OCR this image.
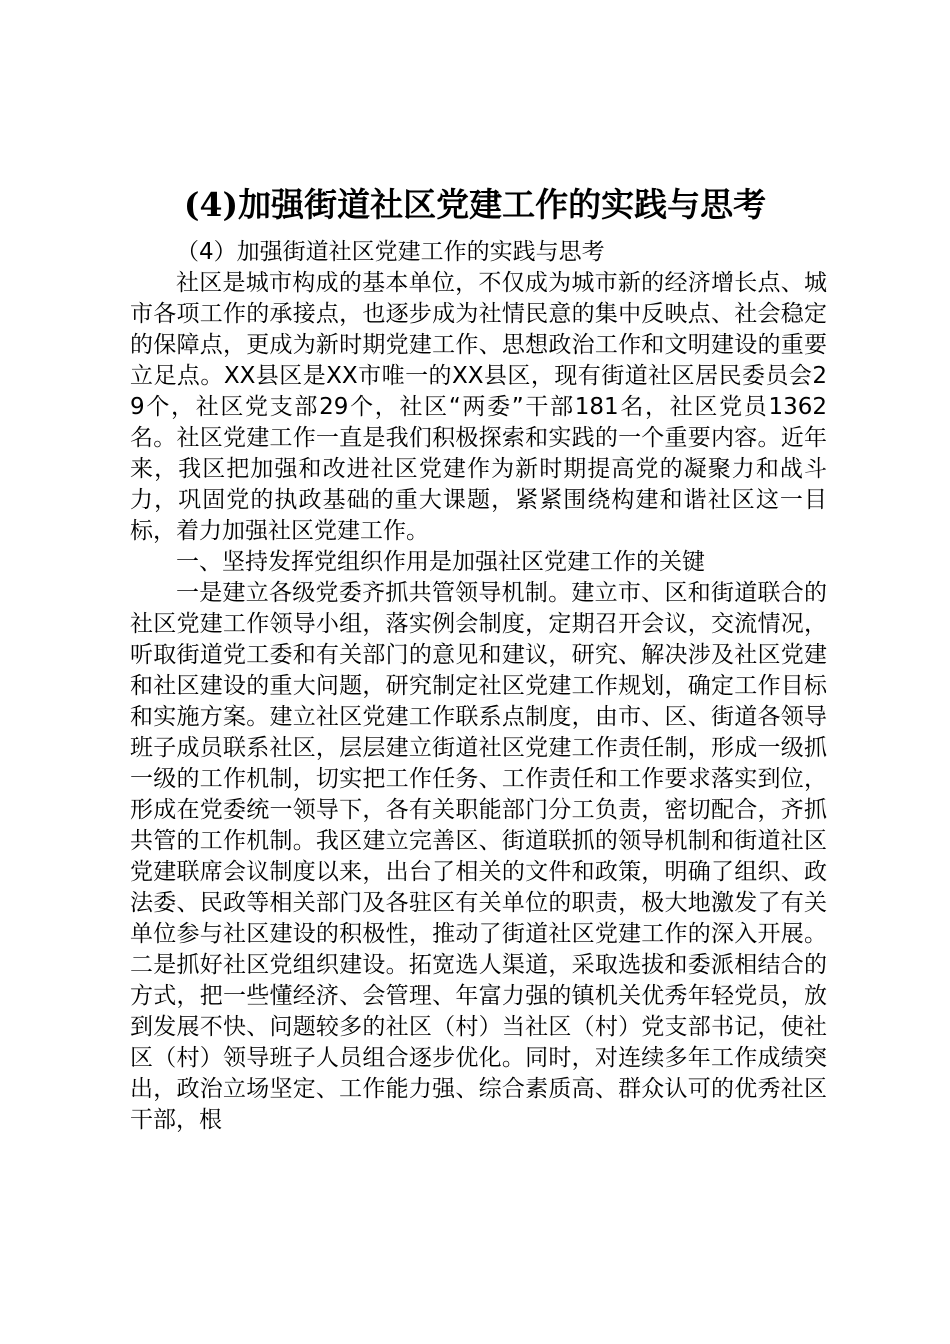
(4)加强街道社区党建工作的实践与思考

（4）加强街道社区党建工作的实践与思考

社区是城市构成的基本单位，不仅成为城市新的经济增长点、城市各项工作的承接点，也逐步成为社情民意的集中反映点、社会稳定的保障点，更成为新时期党建工作、思想政治工作和文明建设的重要立足点。XX县区是XX市唯一的XX县区，现有街道社区居民委员会29个，社区党支部29个，社区“两委”干部181名，社区党员1362名。社区党建工作一直是我们积极探索和实践的一个重要内容。近年来，我区把加强和改进社区党建作为新时期提高党的凝聚力和战斗力，巩固党的执政基础的重大课题，紧紧围绕构建和谐社区这一目标，着力加强社区党建工作。

一、坚持发挥党组织作用是加强社区党建工作的关键

一是建立各级党委齐抓共管领导机制。建立市、区和街道联合的社区党建工作领导小组，落实例会制度，定期召开会议，交流情况，听取街道党工委和有关部门的意见和建议，研究、解决涉及社区党建和社区建设的重大问题，研究制定社区党建工作规划，确定工作目标和实施方案。建立社区党建工作联系点制度，由市、区、街道各领导班子成员联系社区，层层建立街道社区党建工作责任制，形成一级抓一级的工作机制，切实把工作任务、工作责任和工作要求落实到位，形成在党委统一领导下，各有关职能部门分工负责，密切配合，齐抓共管的工作机制。我区建立完善区、街道联抓的领导机制和街道社区党建联席会议制度以来，出台了相关的文件和政策，明确了组织、政法委、民政等相关部门及各驻区有关单位的职责，极大地激发了有关单位参与社区建设的积极性，推动了街道社区党建工作的深入开展。二是抓好社区党组织建设。拓宽选人渠道，采取选拔和委派相结合的方式，把一些懂经济、会管理、年富力强的镇机关优秀年轻党员，放到发展不快、问题较多的社区（村）当社区（村）党支部书记，使社区（村）领导班子人员组合逐步优化。同时，对连续多年工作成绩突出，政治立场坚定、工作能力强、综合素质高、群众认可的优秀社区干部，根
